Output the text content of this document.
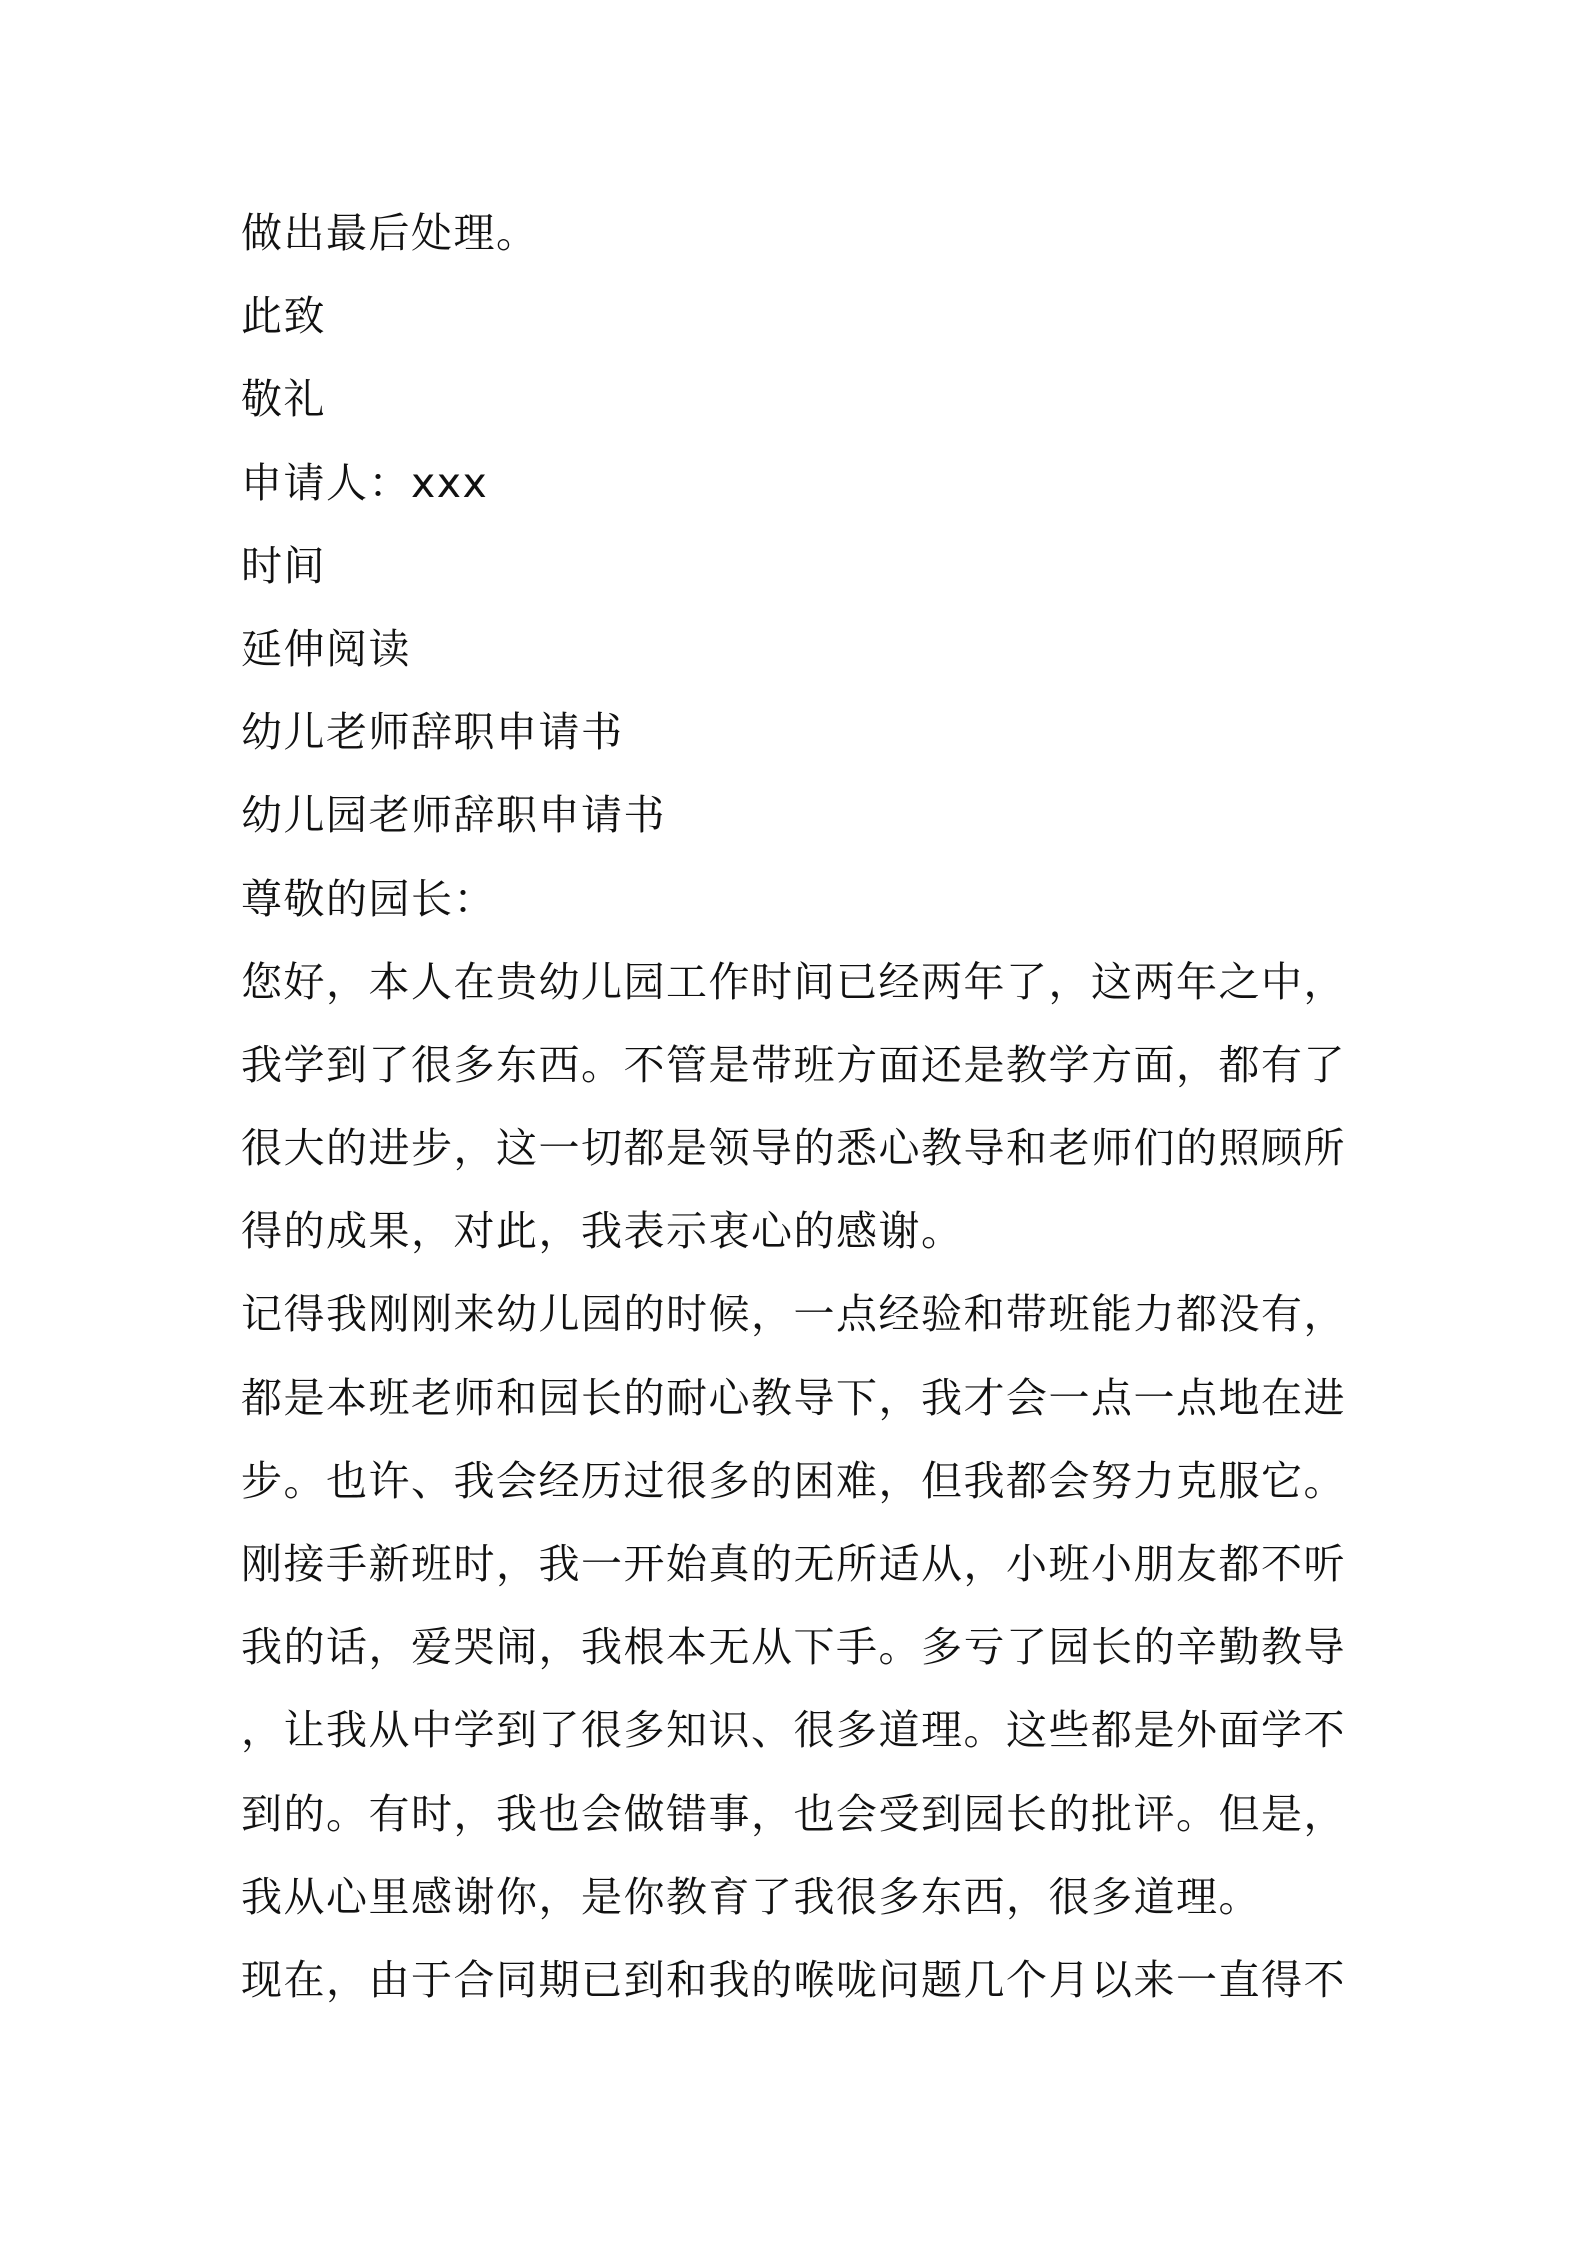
做出最后处理。
此致
敬礼
申请人：xxx
时间
延伸阅读
幼儿老师辞职申请书
幼儿园老师辞职申请书
尊敬的园长：
您好，本人在贵幼儿园工作时间已经两年了，这两年之中，
我学到了很多东西。不管是带班方面还是教学方面，都有了
很大的进步，这一切都是领导的悉心教导和老师们的照顾所
得的成果，对此，我表示衷心的感谢。
记得我刚刚来幼儿园的时候，一点经验和带班能力都没有，
都是本班老师和园长的耐心教导下，我才会一点一点地在进
步。也许、我会经历过很多的困难，但我都会努力克服它。
刚接手新班时，我一开始真的无所适从，小班小朋友都不听
我的话，爱哭闹，我根本无从下手。多亏了园长的辛勤教导
，让我从中学到了很多知识、很多道理。这些都是外面学不
到的。有时，我也会做错事，也会受到园长的批评。但是，
我从心里感谢你，是你教育了我很多东西，很多道理。
现在，由于合同期已到和我的喉咙问题几个月以来一直得不
